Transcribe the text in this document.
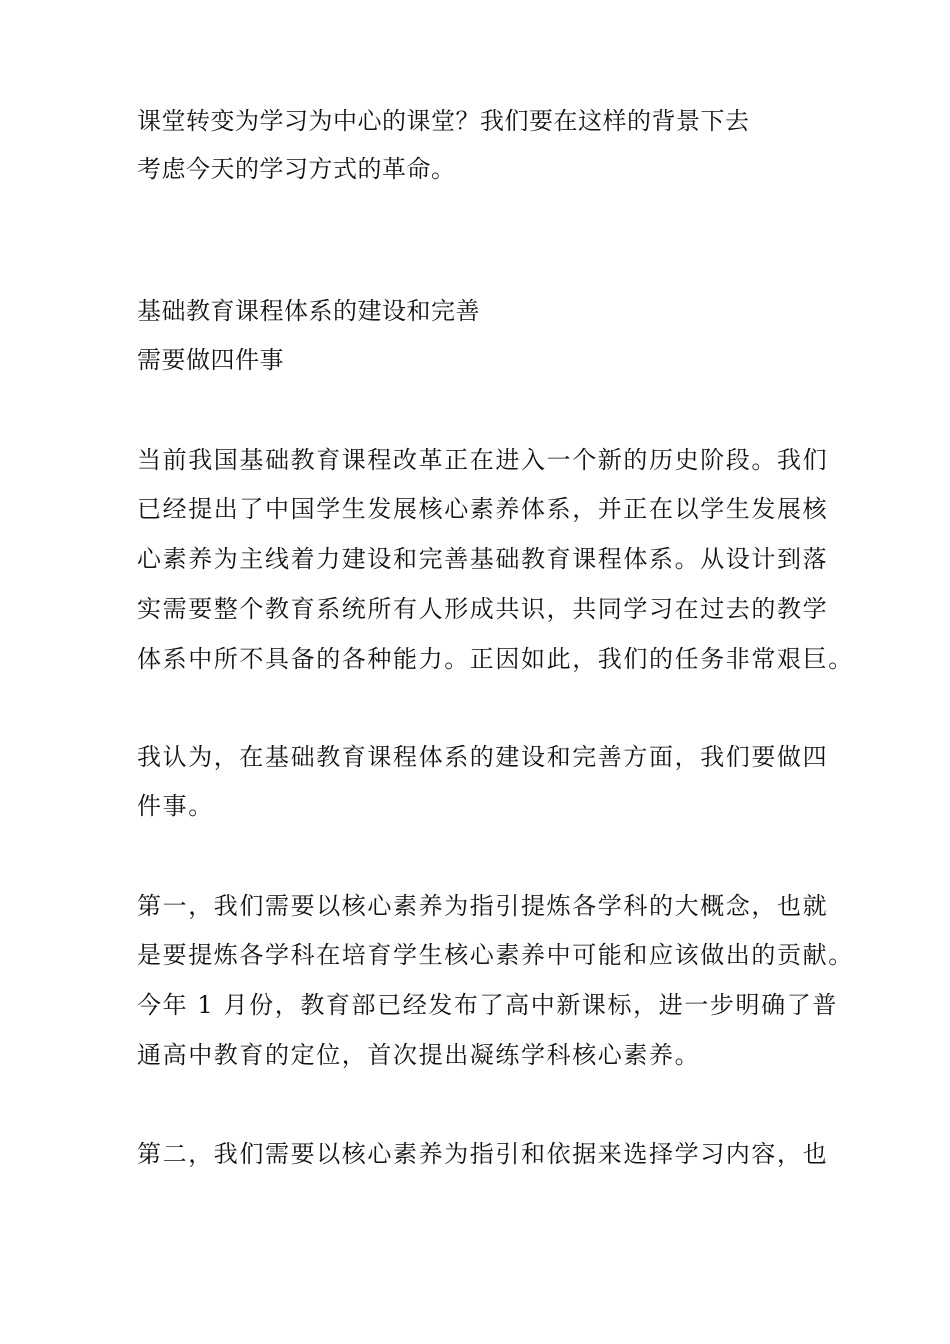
课堂转变为学习为中心的课堂？我们要在这样的背景下去
考虑今天的学习方式的革命。
基础教育课程体系的建设和完善
需要做四件事
当前我国基础教育课程改革正在进入一个新的历史阶段。我们
已经提出了中国学生发展核心素养体系，并正在以学生发展核
心素养为主线着力建设和完善基础教育课程体系。从设计到落
实需要整个教育系统所有人形成共识，共同学习在过去的教学
体系中所不具备的各种能力。正因如此，我们的任务非常艰巨。
我认为，在基础教育课程体系的建设和完善方面，我们要做四
件事。
第一，我们需要以核心素养为指引提炼各学科的大概念，也就
是要提炼各学科在培育学生核心素养中可能和应该做出的贡献。
今年 1 月份，教育部已经发布了高中新课标，进一步明确了普
通高中教育的定位，首次提出凝练学科核心素养。
第二，我们需要以核心素养为指引和依据来选择学习内容，也
